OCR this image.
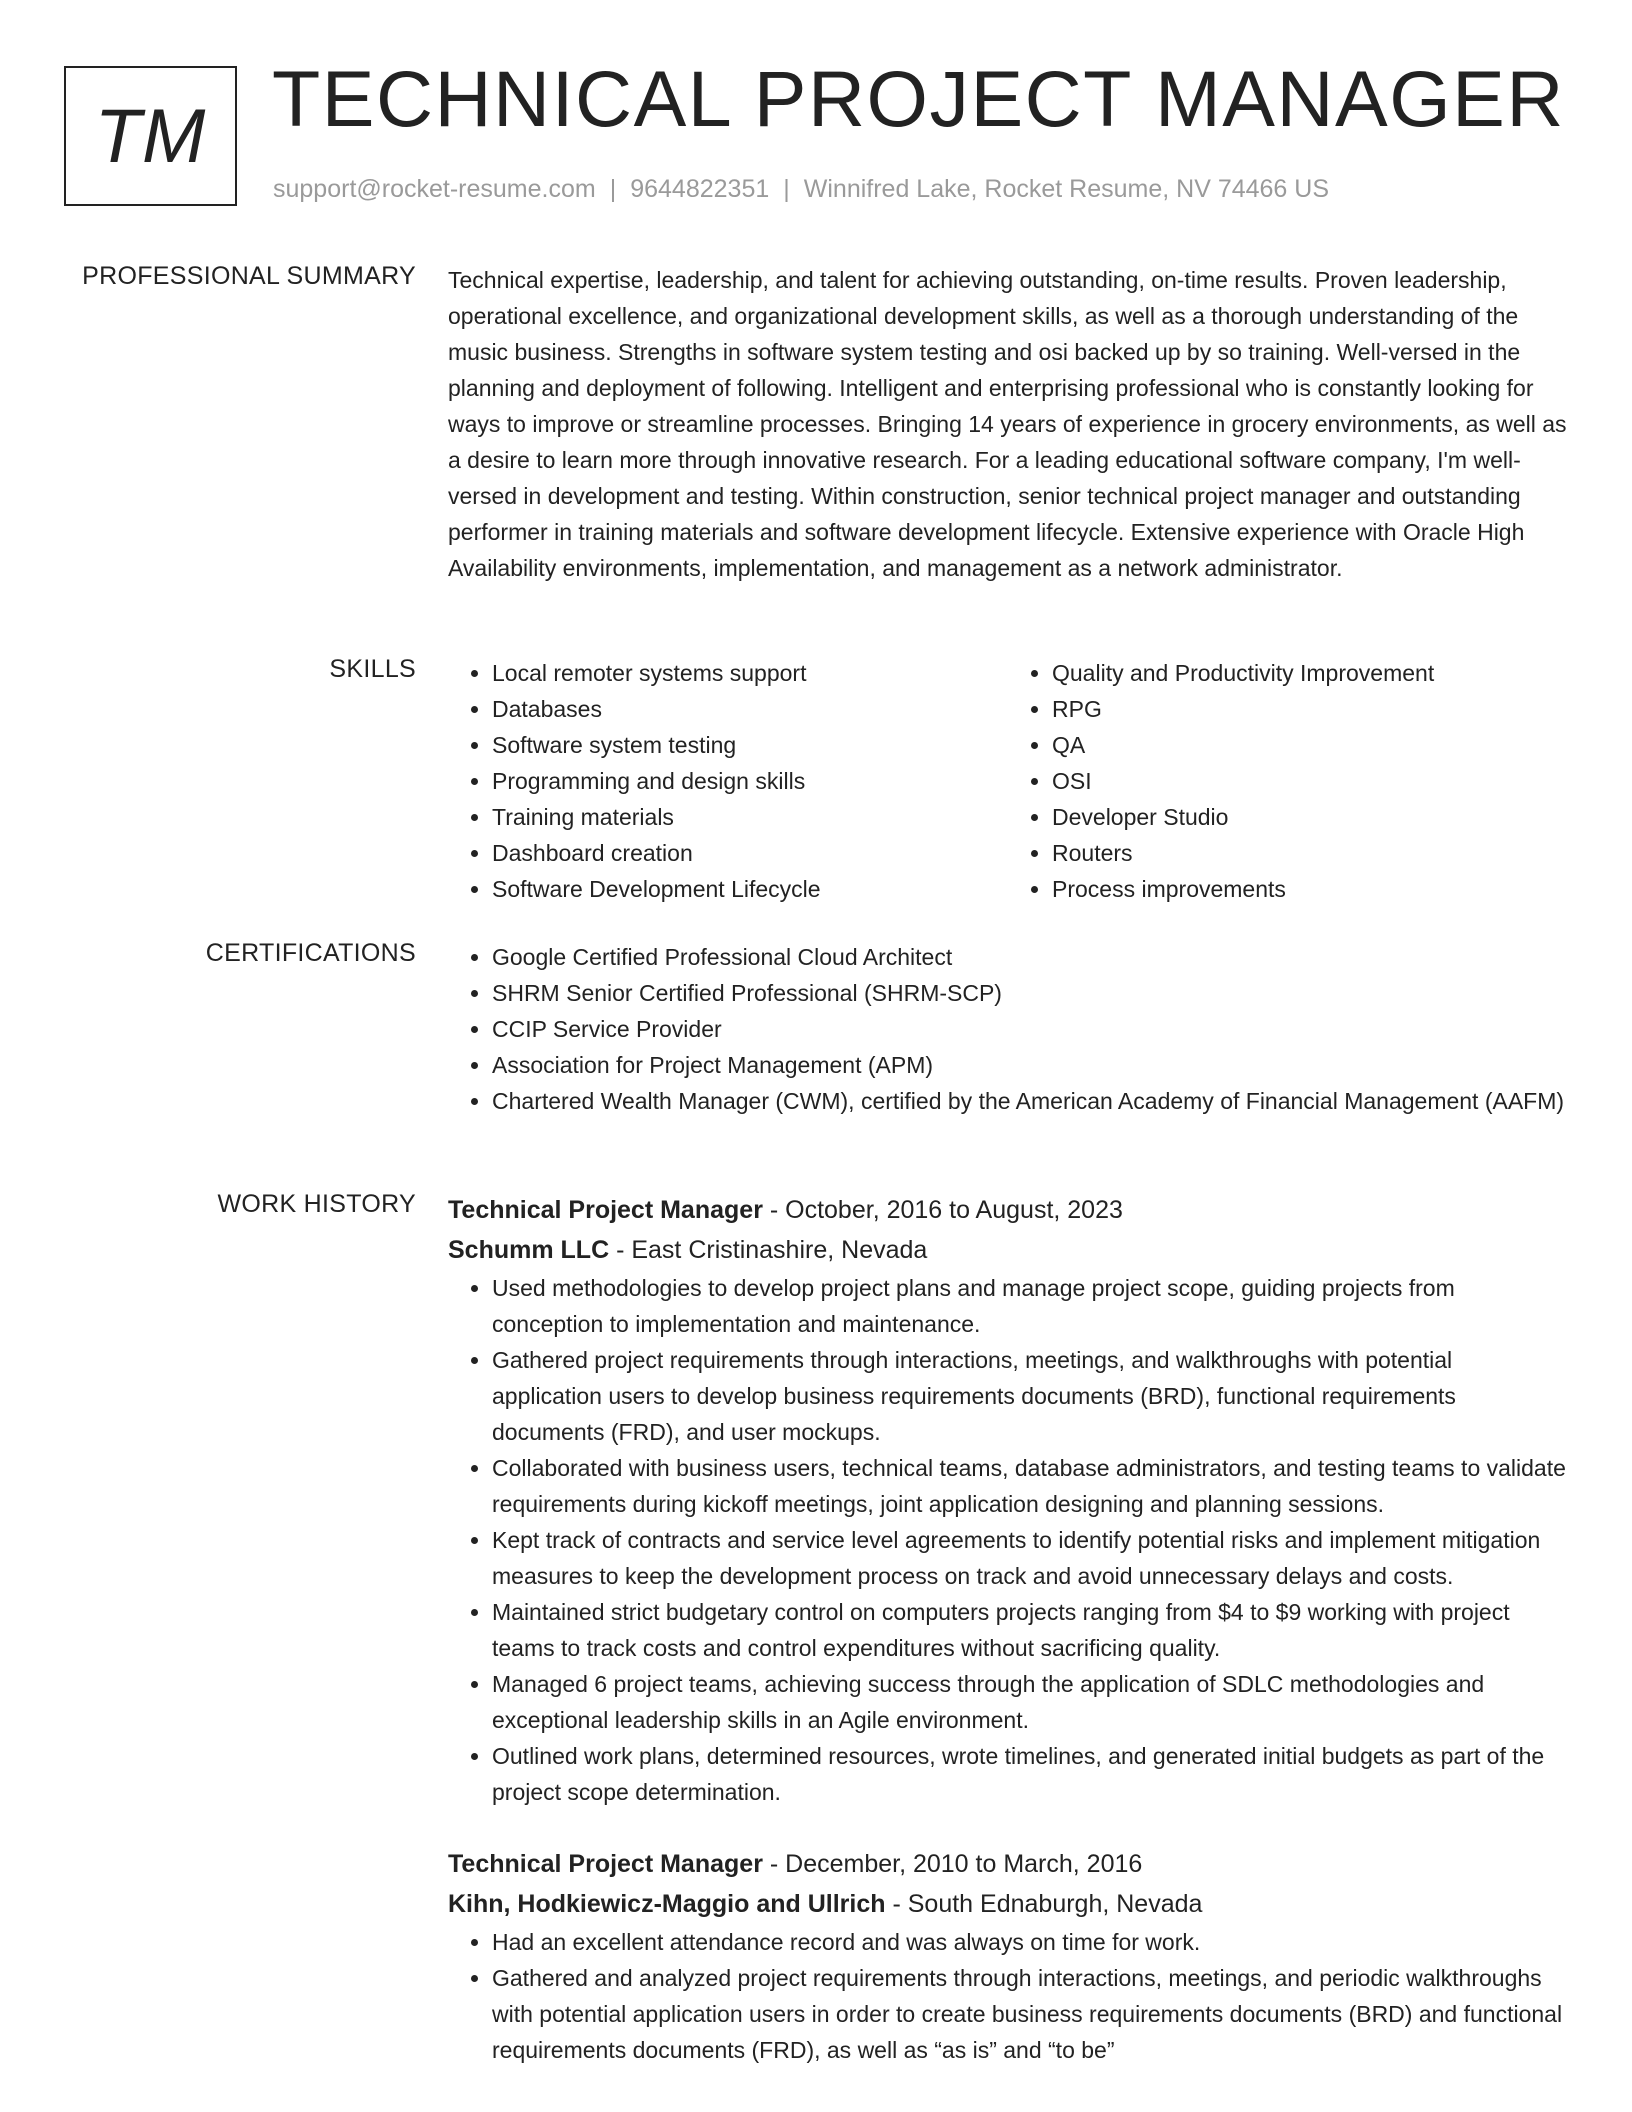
TM TECHNICAL PROJECT MANAGER
support@rocket-resume.com | 9644822351 | Winnifred Lake, Rocket Resume, NV 74466 US
PROFESSIONAL SUMMARY Technical expertise, leadership, and talent for achieving outstanding, on-time results. Proven leadership, operational excellence, and organizational development skills, as well as a thorough understanding of the music business. Strengths in software system testing and osi backed up by so training. Well-versed in the planning and deployment of following. Intelligent and enterprising professional who is constantly looking for ways to improve or streamline processes. Bringing 14 years of experience in grocery environments, as well as a desire to learn more through innovative research. For a leading educational software company, I'm well-versed in development and testing. Within construction, senior technical project manager and outstanding performer in training materials and software development lifecycle. Extensive experience with Oracle High Availability environments, implementation, and management as a network administrator.

SKILLS	• Local remoter systems support
• Databases
• Software system testing
• Programming and design skills
• Training materials
• Dashboard creation
• Software Development Lifecycle
• Quality and Productivity Improvement
• RPG
• QA
• OSI
• Developer Studio
• Routers
• Process improvements
CERTIFICATIONS	• Google Certified Professional Cloud Architect
• SHRM Senior Certified Professional (SHRM-SCP)
• CCIP Service Provider
• Association for Project Management (APM)
• Chartered Wealth Manager (CWM), certified by the American Academy of Financial Management (AAFM)
WORK HISTORY Technical Project Manager - October, 2016 to August, 2023
Schumm LLC - East Cristinashire, Nevada
• Used methodologies to develop project plans and manage project scope, guiding projects from conception to implementation and maintenance.
• Gathered project requirements through interactions, meetings, and walkthroughs with potential application users to develop business requirements documents (BRD), functional requirements documents (FRD), and user mockups.
• Collaborated with business users, technical teams, database administrators, and testing teams to validate requirements during kickoff meetings, joint application designing and planning sessions.
• Kept track of contracts and service level agreements to identify potential risks and implement mitigation measures to keep the development process on track and avoid unnecessary delays and costs.
• Maintained strict budgetary control on computers projects ranging from $4 to $9 working with project teams to track costs and control expenditures without sacrificing quality.
• Managed 6 project teams, achieving success through the application of SDLC methodologies and exceptional leadership skills in an Agile environment.
• Outlined work plans, determined resources, wrote timelines, and generated initial budgets as part of the project scope determination.
Technical Project Manager - December, 2010 to March, 2016
Kihn, Hodkiewicz-Maggio and Ullrich - South Ednaburgh, Nevada
• Had an excellent attendance record and was always on time for work.
• Gathered and analyzed project requirements through interactions, meetings, and periodic walkthroughs with potential application users in order to create business requirements documents (BRD) and functional requirements documents (FRD), as well as “as is” and “to be”
